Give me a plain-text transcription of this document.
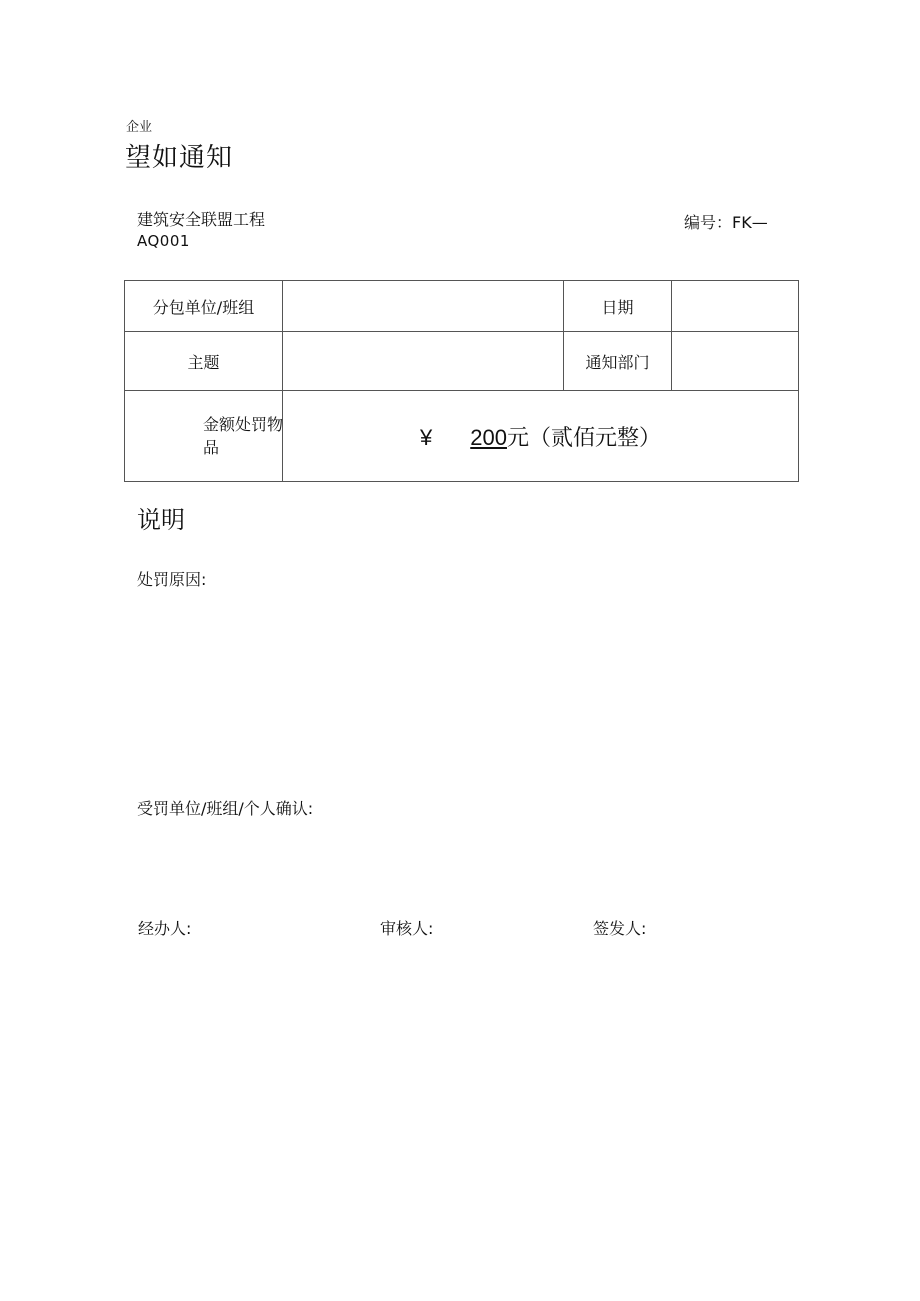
企业
望如通知
建筑安全联盟工程
AQ001
编号：FK—
分包单位/班组		日期	
主题		通知部门	

金额处罚物品	¥ 200元（贰佰元整）		
说明
处罚原因:
受罚单位/班组/个人确认:
经办人:	审核人:	签发人:
